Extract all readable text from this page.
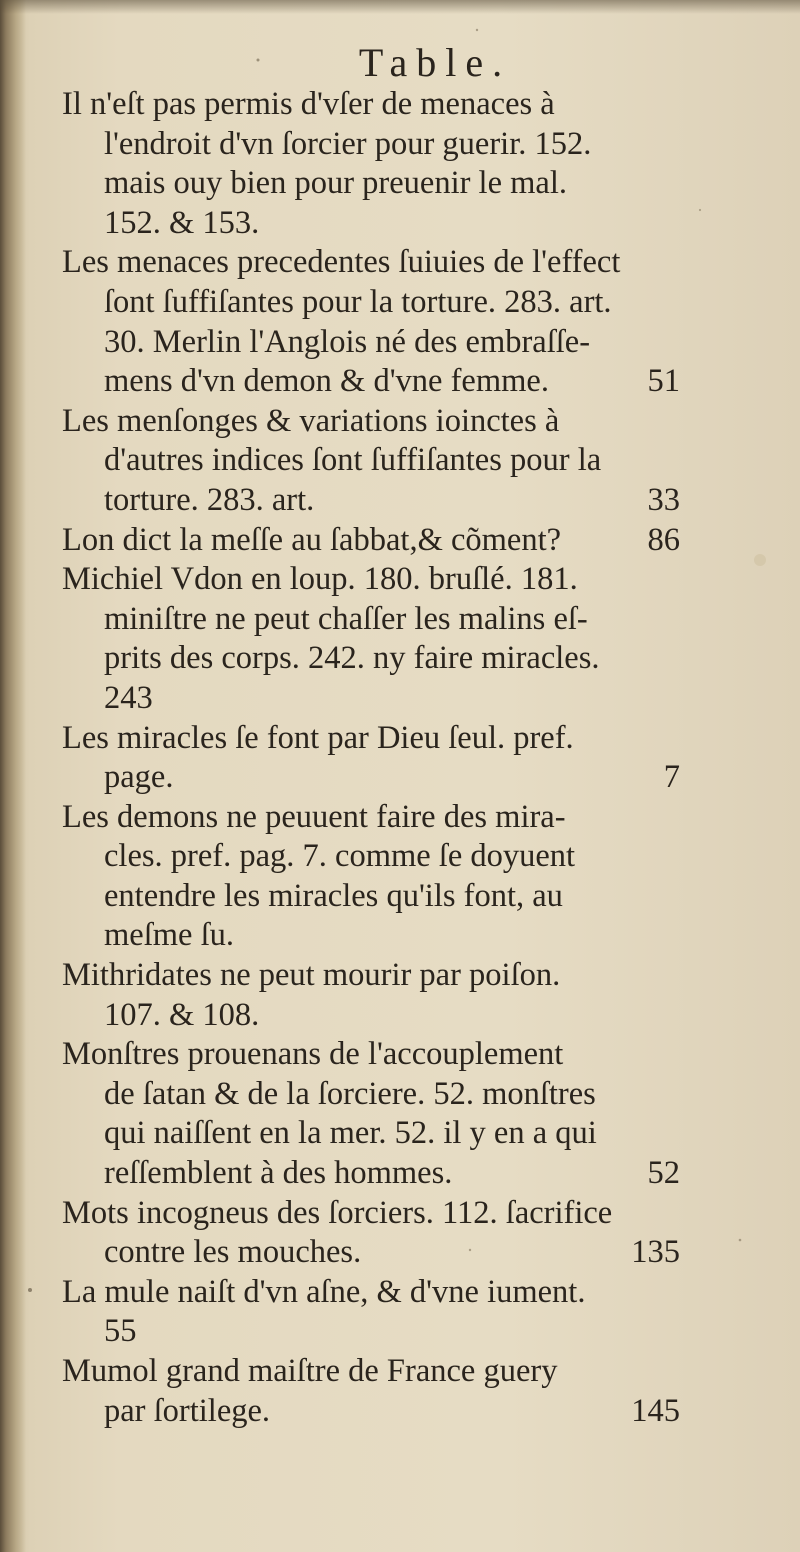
Table.
Il n'eſt pas permis d'vſer de menaces à
l'endroit d'vn ſorcier pour guerir. 152.
mais ouy bien pour preuenir le mal.
152. & 153.
Les menaces precedentes ſuiuies de l'effect
ſont ſuffiſantes pour la torture. 283. art.
30. Merlin l'Anglois né des embraſſe-
mens d'vn demon & d'vne femme.	51
Les menſonges & variations ioinctes à
d'autres indices ſont ſuffiſantes pour la
torture. 283. art.	33
Lon dict la meſſe au ſabbat,& cõment?	86
Michiel Vdon en loup. 180. bruſlé. 181.
miniſtre ne peut chaſſer les malins eſ-
prits des corps. 242. ny faire miracles.
243
Les miracles ſe font par Dieu ſeul. pref.
page.	7
Les demons ne peuuent faire des mira-
cles. pref. pag. 7. comme ſe doyuent
entendre les miracles qu'ils font, au
meſme ſu.
Mithridates ne peut mourir par poiſon.
107. & 108.
Monſtres prouenans de l'accouplement
de ſatan & de la ſorciere. 52. monſtres
qui naiſſent en la mer. 52. il y en a qui
reſſemblent à des hommes.	52
Mots incogneus des ſorciers. 112. ſacrifice
contre les mouches.	135
La mule naiſt d'vn aſne, & d'vne iument.
55
Mumol grand maiſtre de France guery
par ſortilege.	145
